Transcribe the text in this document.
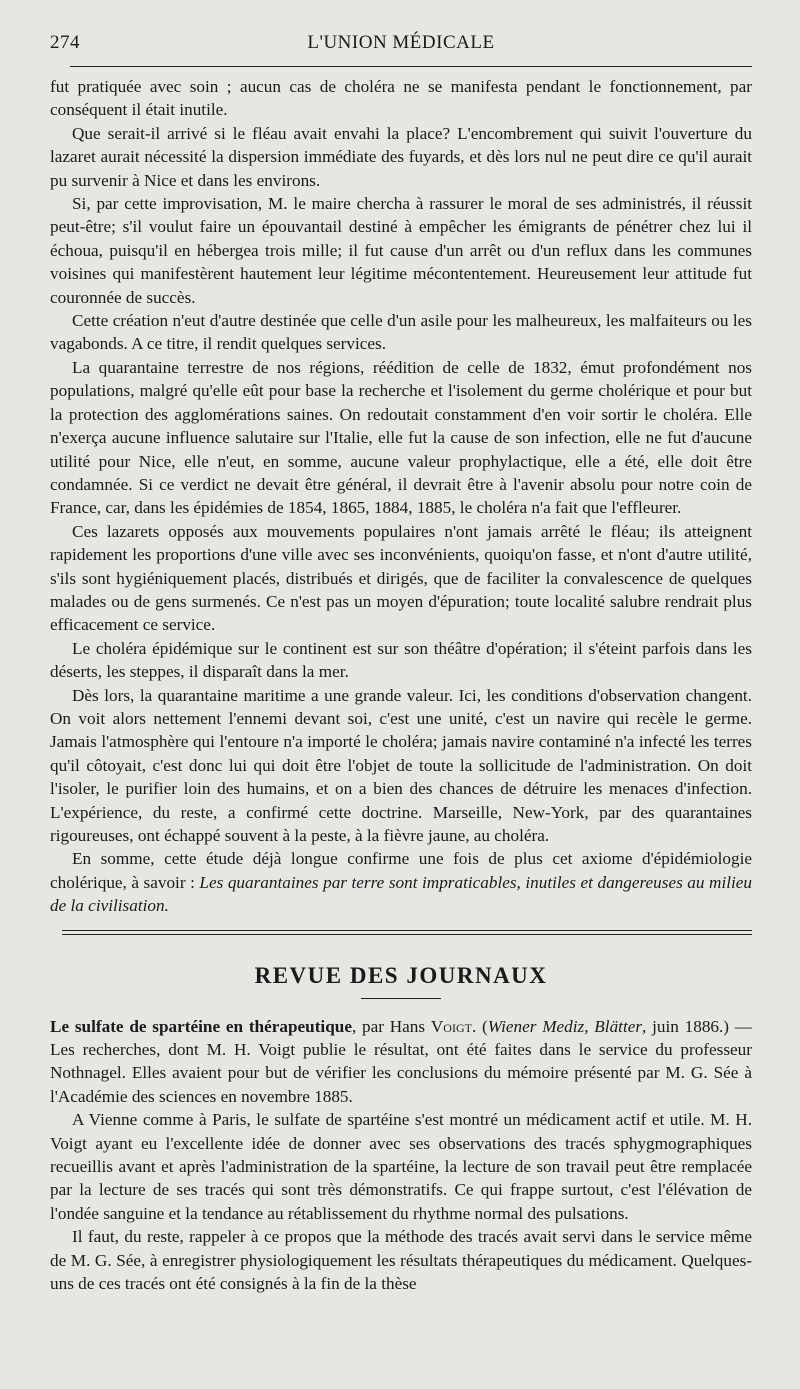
274	L'UNION MÉDICALE

fut pratiquée avec soin ; aucun cas de choléra ne se manifesta pendant le fonctionnement, par conséquent il était inutile.

Que serait-il arrivé si le fléau avait envahi la place? L'encombrement qui suivit l'ouverture du lazaret aurait nécessité la dispersion immédiate des fuyards, et dès lors nul ne peut dire ce qu'il aurait pu survenir à Nice et dans les environs.

Si, par cette improvisation, M. le maire chercha à rassurer le moral de ses administrés, il réussit peut-être; s'il voulut faire un épouvantail destiné à empêcher les émigrants de pénétrer chez lui il échoua, puisqu'il en hébergea trois mille; il fut cause d'un arrêt ou d'un reflux dans les communes voisines qui manifestèrent hautement leur légitime mécontentement. Heureusement leur attitude fut couronnée de succès.

Cette création n'eut d'autre destinée que celle d'un asile pour les malheureux, les malfaiteurs ou les vagabonds. A ce titre, il rendit quelques services.

La quarantaine terrestre de nos régions, réédition de celle de 1832, émut profondément nos populations, malgré qu'elle eût pour base la recherche et l'isolement du germe cholérique et pour but la protection des agglomérations saines. On redoutait constamment d'en voir sortir le choléra. Elle n'exerça aucune influence salutaire sur l'Italie, elle fut la cause de son infection, elle ne fut d'aucune utilité pour Nice, elle n'eut, en somme, aucune valeur prophylactique, elle a été, elle doit être condamnée. Si ce verdict ne devait être général, il devrait être à l'avenir absolu pour notre coin de France, car, dans les épidémies de 1854, 1865, 1884, 1885, le choléra n'a fait que l'effleurer.

Ces lazarets opposés aux mouvements populaires n'ont jamais arrêté le fléau; ils atteignent rapidement les proportions d'une ville avec ses inconvénients, quoiqu'on fasse, et n'ont d'autre utilité, s'ils sont hygiéniquement placés, distribués et dirigés, que de faciliter la convalescence de quelques malades ou de gens surmenés. Ce n'est pas un moyen d'épuration; toute localité salubre rendrait plus efficacement ce service.

Le choléra épidémique sur le continent est sur son théâtre d'opération; il s'éteint parfois dans les déserts, les steppes, il disparaît dans la mer.

Dès lors, la quarantaine maritime a une grande valeur. Ici, les conditions d'observation changent. On voit alors nettement l'ennemi devant soi, c'est une unité, c'est un navire qui recèle le germe. Jamais l'atmosphère qui l'entoure n'a importé le choléra; jamais navire contaminé n'a infecté les terres qu'il côtoyait, c'est donc lui qui doit être l'objet de toute la sollicitude de l'administration. On doit l'isoler, le purifier loin des humains, et on a bien des chances de détruire les menaces d'infection. L'expérience, du reste, a confirmé cette doctrine. Marseille, New-York, par des quarantaines rigoureuses, ont échappé souvent à la peste, à la fièvre jaune, au choléra.

En somme, cette étude déjà longue confirme une fois de plus cet axiome d'épidémiologie cholérique, à savoir : Les quarantaines par terre sont impraticables, inutiles et dangereuses au milieu de la civilisation.

REVUE DES JOURNAUX

Le sulfate de spartéine en thérapeutique, par Hans Voigt. (Wiener Mediz, Blätter, juin 1886.) — Les recherches, dont M. H. Voigt publie le résultat, ont été faites dans le service du professeur Nothnagel. Elles avaient pour but de vérifier les conclusions du mémoire présenté par M. G. Sée à l'Académie des sciences en novembre 1885.

A Vienne comme à Paris, le sulfate de spartéine s'est montré un médicament actif et utile. M. H. Voigt ayant eu l'excellente idée de donner avec ses observations des tracés sphygmographiques recueillis avant et après l'administration de la spartéine, la lecture de son travail peut être remplacée par la lecture de ses tracés qui sont très démonstratifs. Ce qui frappe surtout, c'est l'élévation de l'ondée sanguine et la tendance au rétablissement du rhythme normal des pulsations.

Il faut, du reste, rappeler à ce propos que la méthode des tracés avait servi dans le service même de M. G. Sée, à enregistrer physiologiquement les résultats thérapeutiques du médicament. Quelques-uns de ces tracés ont été consignés à la fin de la thèse
